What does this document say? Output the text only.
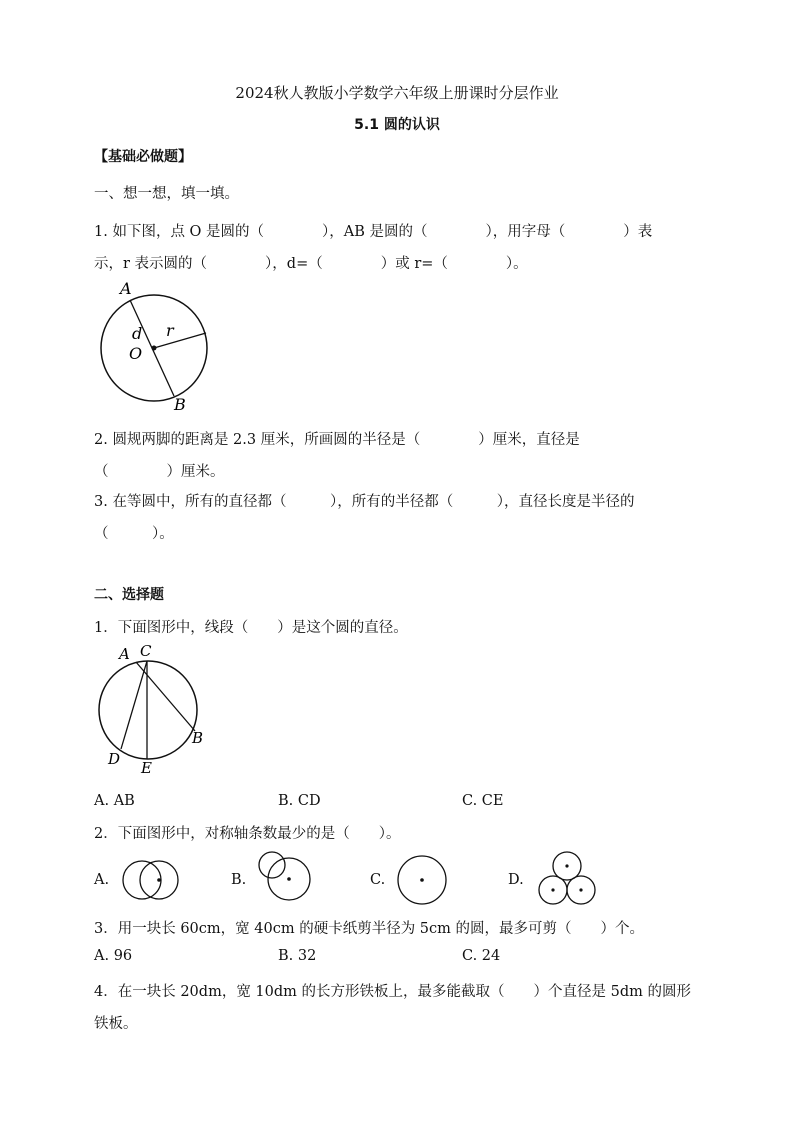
2024秋人教版小学数学六年级上册课时分层作业
5.1 圆的认识
【基础必做题】
一、想一想，填一填。
1. 如下图，点 O 是圆的（　　　　），AB 是圆的（　　　　），用字母（　　　　）表
示，r 表示圆的（　　　　），d=（　　　　）或 r=（　　　　）。
A
B
O
d r
2. 圆规两脚的距离是 2.3 厘米，所画圆的半径是（　　　　）厘米，直径是
（　　　　）厘米。
3. 在等圆中，所有的直径都（　　　），所有的半径都（　　　），直径长度是半径的
（　　　）。
二、选择题
1．下面图形中，线段（　　）是这个圆的直径。
A C
B
D E
A. AB	B. CD	C. CE
2．下面图形中，对称轴条数最少的是（　　）。
A.	B.	C.	D.
3．用一块长 60cm，宽 40cm 的硬卡纸剪半径为 5cm 的圆，最多可剪（　　）个。
A. 96	B. 32	C. 24
4．在一块长 20dm，宽 10dm 的长方形铁板上，最多能截取（　　）个直径是 5dm 的圆形
铁板。
